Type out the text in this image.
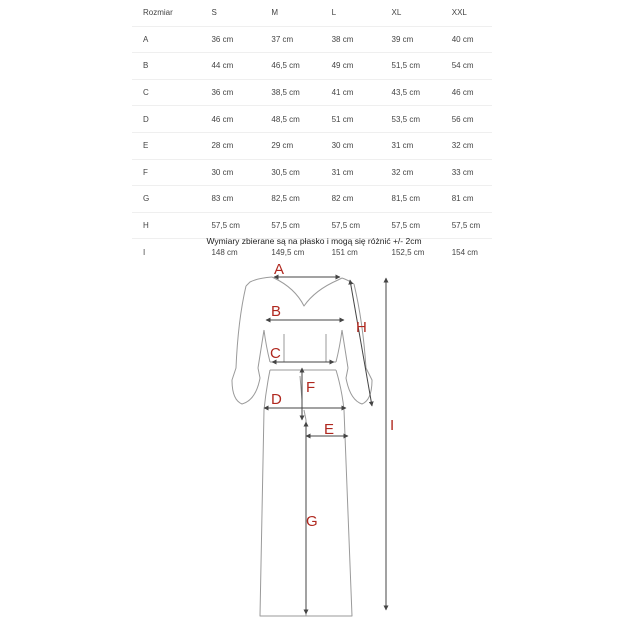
Rozmiar	S	M	L	XL	XXL
A	36 cm	37 cm	38 cm	39 cm	40 cm
B	44 cm	46,5 cm	49 cm	51,5 cm	54 cm
C	36 cm	38,5 cm	41 cm	43,5 cm	46 cm
D	46 cm	48,5 cm	51 cm	53,5 cm	56 cm
E	28 cm	29 cm	30 cm	31 cm	32 cm
F	30 cm	30,5 cm	31 cm	32 cm	33 cm
G	83 cm	82,5 cm	82 cm	81,5 cm	81 cm
H	57,5 cm	57,5 cm	57,5 cm	57,5 cm	57,5 cm
I	148 cm	149,5 cm	151 cm	152,5 cm	154 cm
Wymiary zbierane są na płasko i mogą się różnić +/- 2cm
A
B
C
D
E
F
G
H
I
